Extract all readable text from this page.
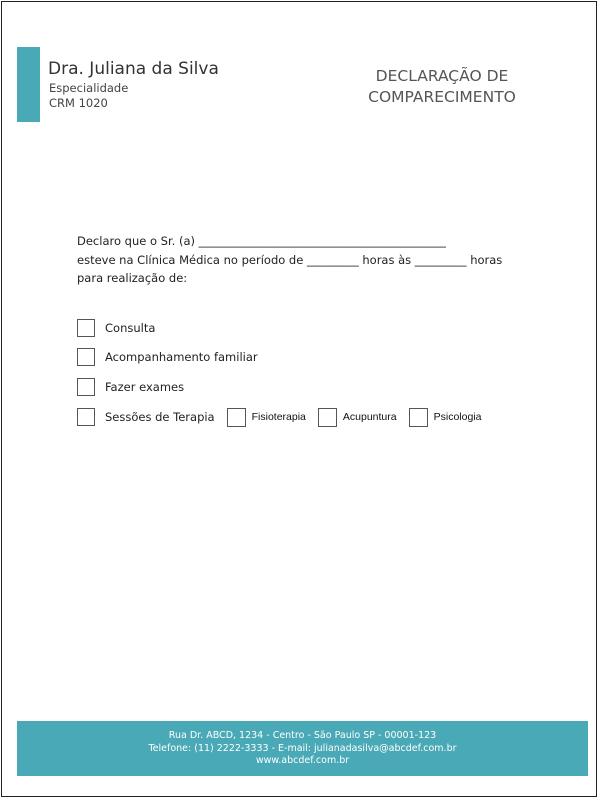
Dra. Juliana da Silva
Especialidade
CRM 1020
DECLARAÇÃO DE
COMPARECIMENTO
Declaro que o Sr. (a) ___________________________________________
esteve na Clínica Médica no período de _________ horas às _________ horas
para realização de:
Consulta
Acompanhamento familiar
Fazer exames
Sessões de Terapia	Fisioterapia	Acupuntura	Psicologia
Rua Dr. ABCD, 1234 - Centro - São Paulo SP - 00001-123
Telefone: (11) 2222-3333 - E-mail: julianadasilva@abcdef.com.br
www.abcdef.com.br
